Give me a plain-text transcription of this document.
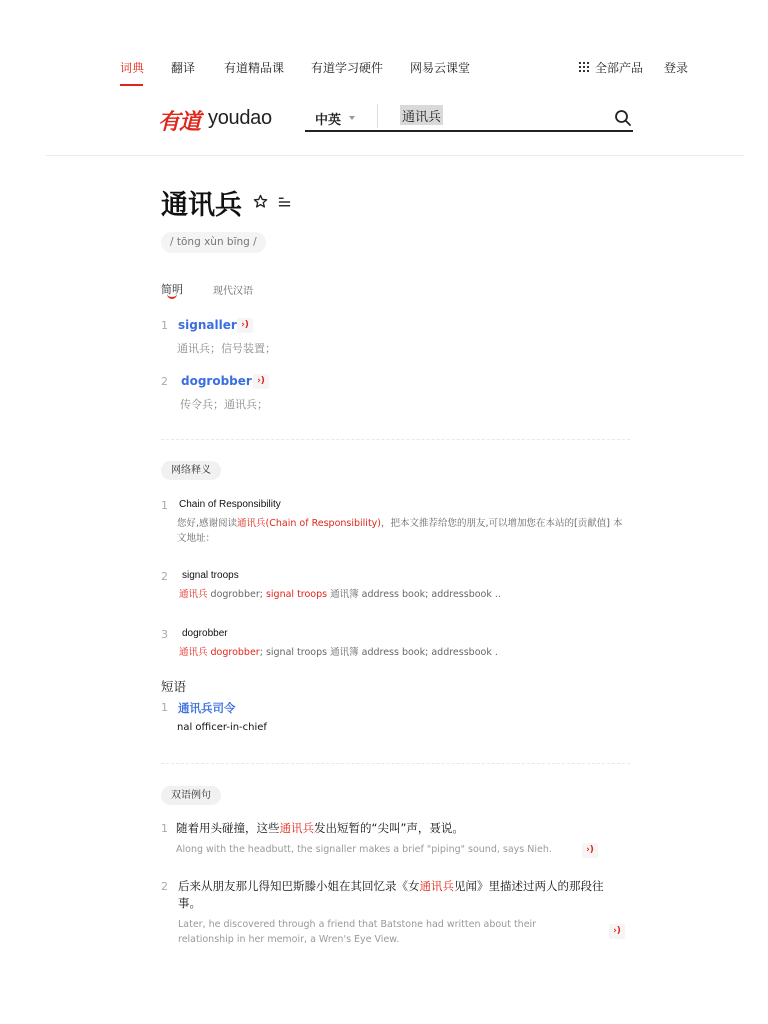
词典 翻译 有道精品课 有道学习硬件 网易云课堂	全部产品 登录
有道 youdao	中英	通讯兵
通讯兵
/ tōng xùn bīng /
简明	现代汉语
1 signaller ›)
通讯兵；信号装置；
2 dogrobber ›)
传令兵；通讯兵；
网络释义
1 Chain of Responsibility
您好,感谢阅读通讯兵(Chain of Responsibility)，把本文推荐给您的朋友,可以增加您在本站的[贡献值] 本文地址：
2 signal troops
通讯兵 dogrobber; signal troops 通讯簿 address book; addressbook ..
3 dogrobber
通讯兵 dogrobber; signal troops 通讯簿 address book; addressbook .
短语
1 通讯兵司令
nal officer-in-chief
双语例句
1 随着用头碰撞，这些通讯兵发出短暂的“尖叫”声，聂说。
Along with the headbutt, the signaller makes a brief "piping" sound, says Nieh.	›)
2 后来从朋友那儿得知巴斯滕小姐在其回忆录《女通讯兵见闻》里描述过两人的那段往事。
Later, he discovered through a friend that Batstone had written about their relationship in her memoir, a Wren's Eye View.
›)
